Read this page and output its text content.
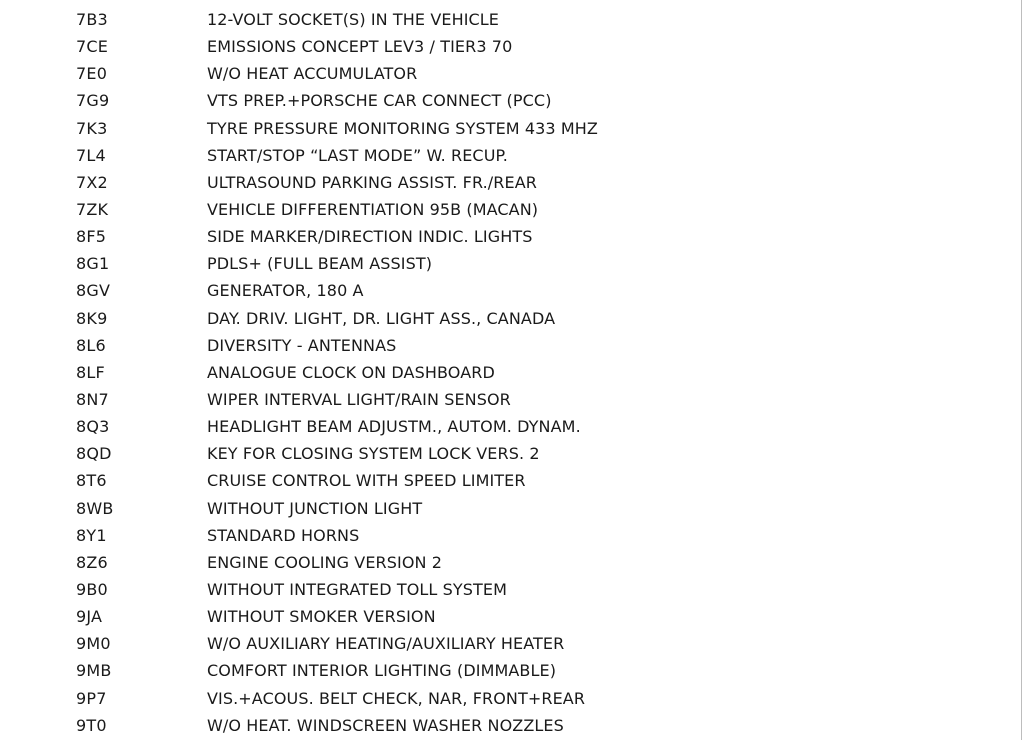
7B3	12-VOLT SOCKET(S) IN THE VEHICLE
7CE	EMISSIONS CONCEPT LEV3 / TIER3 70
7E0	W/O HEAT ACCUMULATOR
7G9	VTS PREP.+PORSCHE CAR CONNECT (PCC)
7K3	TYRE PRESSURE MONITORING SYSTEM 433 MHZ
7L4	START/STOP “LAST MODE” W. RECUP.
7X2	ULTRASOUND PARKING ASSIST. FR./REAR
7ZK	VEHICLE DIFFERENTIATION 95B (MACAN)
8F5	SIDE MARKER/DIRECTION INDIC. LIGHTS
8G1	PDLS+ (FULL BEAM ASSIST)
8GV	GENERATOR, 180 A
8K9	DAY. DRIV. LIGHT, DR. LIGHT ASS., CANADA
8L6	DIVERSITY - ANTENNAS
8LF	ANALOGUE CLOCK ON DASHBOARD
8N7	WIPER INTERVAL LIGHT/RAIN SENSOR
8Q3	HEADLIGHT BEAM ADJUSTM., AUTOM. DYNAM.
8QD	KEY FOR CLOSING SYSTEM LOCK VERS. 2
8T6	CRUISE CONTROL WITH SPEED LIMITER
8WB	WITHOUT JUNCTION LIGHT
8Y1	STANDARD HORNS
8Z6	ENGINE COOLING VERSION 2
9B0	WITHOUT INTEGRATED TOLL SYSTEM
9JA	WITHOUT SMOKER VERSION
9M0	W/O AUXILIARY HEATING/AUXILIARY HEATER
9MB	COMFORT INTERIOR LIGHTING (DIMMABLE)
9P7	VIS.+ACOUS. BELT CHECK, NAR, FRONT+REAR
9T0	W/O HEAT. WINDSCREEN WASHER NOZZLES
